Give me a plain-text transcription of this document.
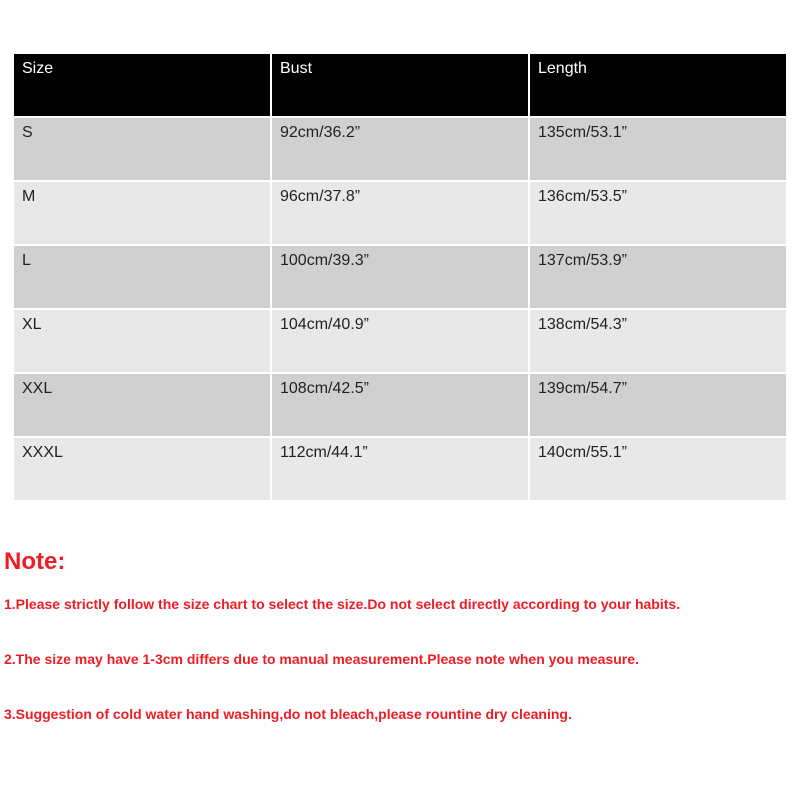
Size	Bust	Length
S	92cm/36.2”	135cm/53.1”
M	96cm/37.8”	136cm/53.5”
L	100cm/39.3”	137cm/53.9”
XL	104cm/40.9”	138cm/54.3”
XXL	108cm/42.5”	139cm/54.7”
XXXL	112cm/44.1”	140cm/55.1”
Note:

1.Please strictly follow the size chart to select the size.Do not select directly according to your habits.

2.The size may have 1-3cm differs due to manual measurement.Please note when you measure.

3.Suggestion of cold water hand washing,do not bleach,please rountine dry cleaning.
